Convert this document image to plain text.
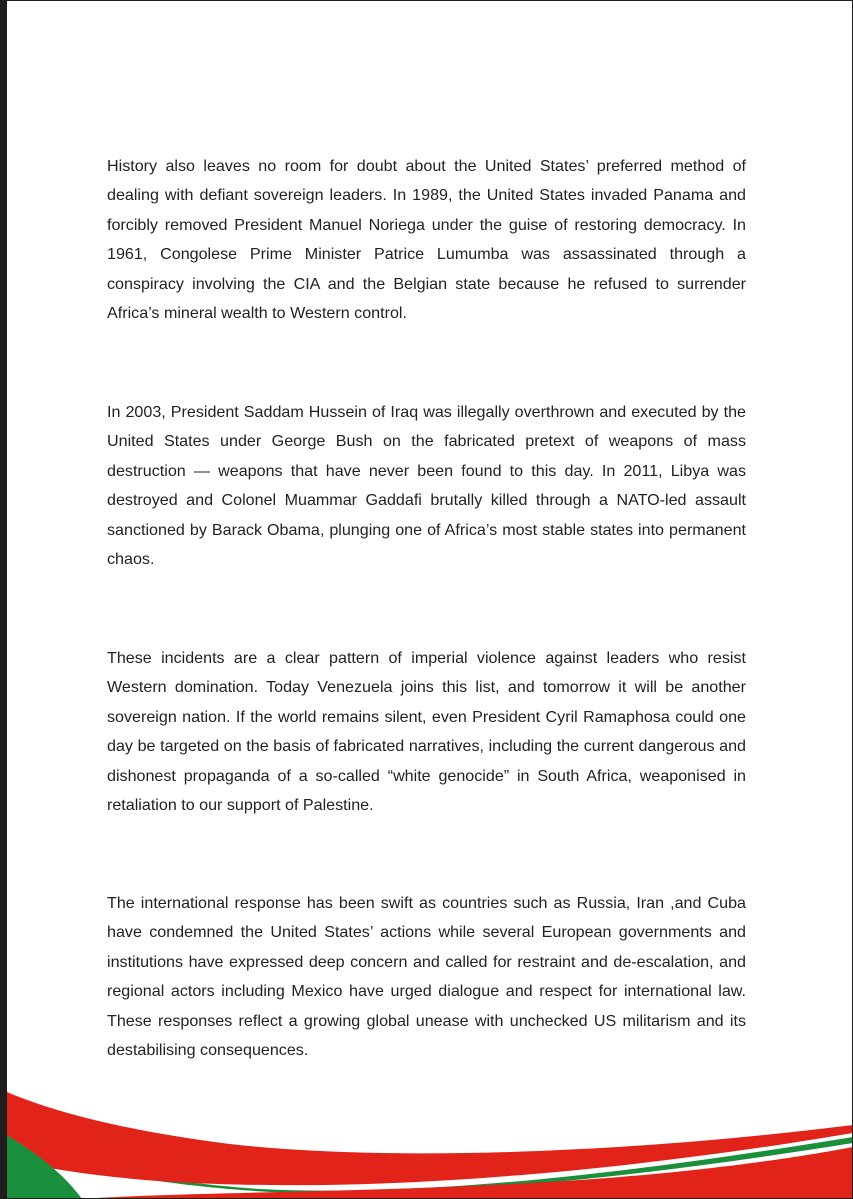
History also leaves no room for doubt about the United States’ preferred method of dealing with defiant sovereign leaders. In 1989, the United States invaded Panama and forcibly removed President Manuel Noriega under the guise of restoring democracy. In 1961, Congolese Prime Minister Patrice Lumumba was assassinated through a conspiracy involving the CIA and the Belgian state because he refused to surrender Africa’s mineral wealth to Western control.

In 2003, President Saddam Hussein of Iraq was illegally overthrown and executed by the United States under George Bush on the fabricated pretext of weapons of mass destruction — weapons that have never been found to this day. In 2011, Libya was destroyed and Colonel Muammar Gaddafi brutally killed through a NATO-led assault sanctioned by Barack Obama, plunging one of Africa’s most stable states into permanent chaos.

These incidents are a clear pattern of imperial violence against leaders who resist Western domination. Today Venezuela joins this list, and tomorrow it will be another sovereign nation. If the world remains silent, even President Cyril Ramaphosa could one day be targeted on the basis of fabricated narratives, including the current dangerous and dishonest propaganda of a so-called “white genocide” in South Africa, weaponised in retaliation to our support of Palestine.

The international response has been swift as countries such as Russia, Iran ,and Cuba have condemned the United States’ actions while several European governments and institutions have expressed deep concern and called for restraint and de-escalation, and regional actors including Mexico have urged dialogue and respect for international law. These responses reflect a growing global unease with unchecked US militarism and its destabilising consequences.
